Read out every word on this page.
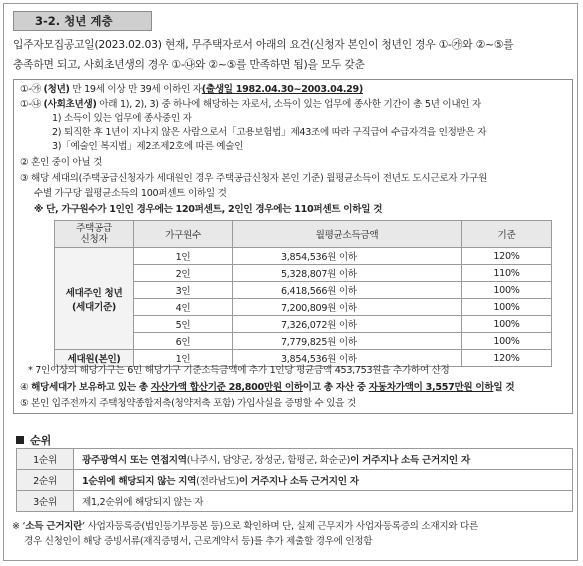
3-2. 청년 계층
입주자모집공고일(2023.02.03) 현재, 무주택자로서 아래의 요건(신청자 본인이 청년인 경우 ①-㉮와 ②~⑤를
충족하면 되고, 사회초년생의 경우 ①-㉯와 ②~⑤를 만족하면 됨)을 모두 갖춘
①-㉮ (청년) 만 19세 이상 만 39세 이하인 자(출생일 1982.04.30~2003.04.29)
①-㉯ (사회초년생) 아래 1), 2), 3) 중 하나에 해당하는 자로서, 소득이 있는 업무에 종사한 기간이 총 5년 이내인 자
1) 소득이 있는 업무에 종사중인 자
2) 퇴직한 후 1년이 지나지 않은 사람으로서「고용보험법」제43조에 따라 구직급여 수급자격을 인정받은 자
3)「예술인 복지법」제2조제2호에 따른 예술인
② 혼인 중이 아닐 것
③ 해당 세대의(주택공급신청자가 세대원인 경우 주택공급신청자 본인 기준) 월평균소득이 전년도 도시근로자 가구원
수별 가구당 월평균소득의 100퍼센트 이하일 것
※ 단, 가구원수가 1인인 경우에는 120퍼센트, 2인인 경우에는 110퍼센트 이하일 것
주택공급
신청자	가구원수	월평균소득금액	기준

세대주인 청년
(세대기준)	1인	3,854,536원 이하	120%
	2인	5,328,807원 이하	110%
	3인	6,418,566원 이하	100%
	4인	7,200,809원 이하	100%
	5인	7,326,072원 이하	100%
	6인	7,779,825원 이하	100%
세대원(본인)	1인	3,854,536원 이하	120%
* 7인이상의 해당가구는 6인 해당가구 기준소득금액에 추가 1인당 평균금액 453,753원을 추가하여 산정
④ 해당세대가 보유하고 있는 총 자산가액 합산기준 28,800만원 이하이고 총 자산 중 자동차가액이 3,557만원 이하일 것
⑤ 본인 입주전까지 주택청약종합저축(청약저축 포함) 가입사실을 증명할 수 있을 것
순위
1순위	광주광역시 또는 연접지역(나주시, 담양군, 장성군, 함평군, 화순군)이 거주지나 소득 근거지인 자
2순위	1순위에 해당되지 않는 지역(전라남도)이 거주지나 소득 근거지인 자
3순위	제1,2순위에 해당되지 않는 자
※ ‘소득 근거지란’ 사업자등록증(법인등기부등본 등)으로 확인하며 단, 실제 근무지가 사업자등록증의 소재지와 다른
경우 신청인이 해당 증빙서류(재직증명서, 근로계약서 등)를 추가 제출할 경우에 인정함
